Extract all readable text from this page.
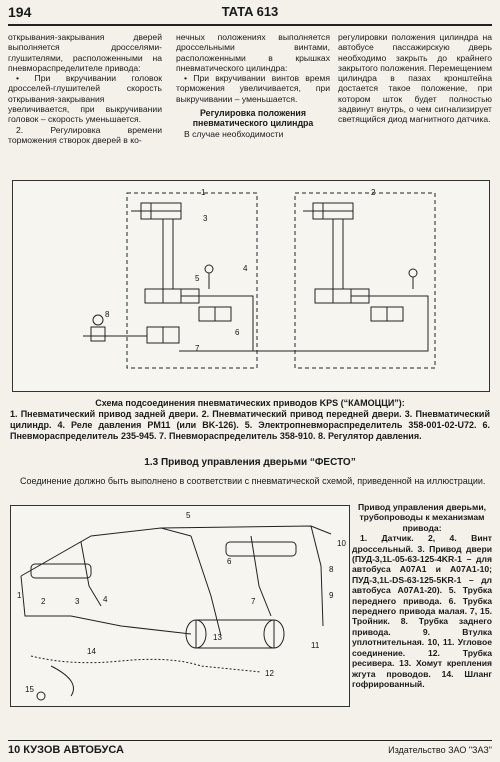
194	TATA 613

открывания-закрывания дверей выполняется дросселями-глушителями, расположенными на пневмораспределителе привода:

• При вкручивании головок дросселей-глушителей скорость открывания-закрывания увеличивается, при выкручивании головок – скорость уменьшается.

2. Регулировка времени торможения створок дверей в ко-

нечных положениях выполняется дроссельными винтами, расположенными в крышках пневматического цилиндра:

• При вкручивании винтов время торможения увеличивается, при выкручивании – уменьшается.

Регулировка положения пневматического цилиндра

В случае необходимости

регулировки положения цилиндра на автобусе пассажирскую дверь необходимо закрыть до крайнего закрытого положения. Перемещением цилиндра в пазах кронштейна достается такое положение, при котором шток будет полностью задвинут внутрь, о чем сигнализирует светящийся диод магнитного датчика.

1	2
3
4
5
6
7
8
Схема подсоединения пневматических приводов KPS (“КАМОЦЦИ”):
1. Пневматический привод задней двери. 2. Пневматический привод передней двери. 3. Пневматический цилиндр. 4. Реле давления PM11 (или BK-126). 5. Электропневмораспределитель 358-001-02-U72. 6. Пневмораспределитель 235-945. 7. Пневмораспределитель 358-910. 8. Регулятор давления.
1.3 Привод управления дверьми “ФЕСТО”
Соединение должно быть выполнено в соответствии с пневматической схемой, приведенной на иллюстрации.
1
2	3	4
5
6
7
8
9
10
11
12
13
14
15
Привод управления дверьми, трубопроводы к механизмам привода:
1. Датчик. 2, 4. Винт дроссельный. 3. Привод двери (ПУД-3,1L-05-63-125-4KR-1 – для автобуса A07A1 и A07A1-10; ПУД-3,1L-DS-63-125-5KR-1 – дл автобуса A07A1-20). 5. Трубка переднего привода. 6. Трубка переднего привода малая. 7, 15. Тройник. 8. Трубка заднего привода. 9. Втулка уплотнительная. 10, 11. Угловое соединение. 12. Трубка ресивера. 13. Хомут крепления жгута проводов. 14. Шланг гофрированный.
10 КУЗОВ АВТОБУСА	Издательство ЗАО "ЗАЗ"
